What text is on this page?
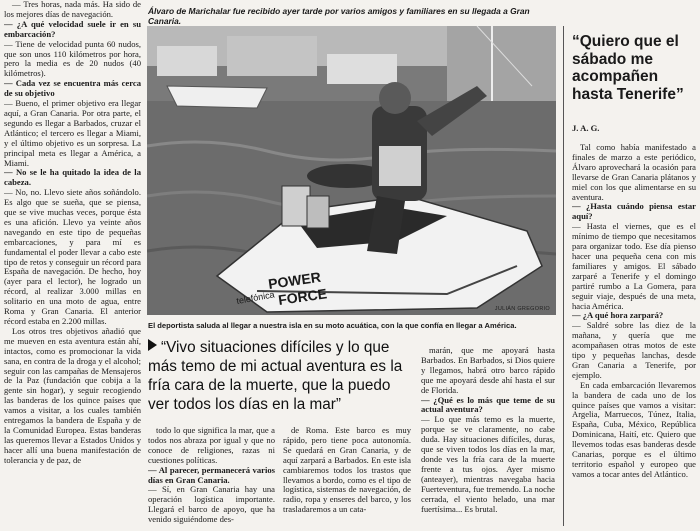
— Tres horas, nada más. Ha sido de los mejores días de navegación.

— ¿A qué velocidad suele ir en su embarcación?

— Tiene de velocidad punta 60 nudos, que son unos 110 kilómetros por hora, pero la media es de 20 nudos (40 kilómetros).

— Cada vez se encuentra más cerca de su objetivo

— Bueno, el primer objetivo era llegar aquí, a Gran Canaria. Por otra parte, el segundo es llegar a Barbados, cruzar el Atlántico; el tercero es llegar a Miami, y el último objetivo es un sorpresa. La principal meta es llegar a América, a Miami.

— No se le ha quitado la idea de la cabeza.

— No, no. Llevo siete años soñándolo. Es algo que se sueña, que se piensa, que se vive muchas veces, porque ésta es una afición. Llevo ya veinte años navegando en este tipo de pequeñas embarcaciones, y para mí es fundamental el poder llevar a cabo este tipo de retos y conseguir un récord para España de navegación. De hecho, hoy (ayer para el lector), he logrado un récord, al realizar 3.000 millas en solitario en una moto de agua, entre Roma y Gran Canaria. El anterior récord estaba en 2.200 millas.

Los otros tres objetivos añadió que me mueven en esta aventura están ahí, intactos, como es promocionar la vida sana, en contra de la droga y el alcohol; seguir con las campañas de Mensajeros de la Paz (fundación que cobija a la gente sin hogar), y seguir recogiendo las banderas de los quince países que vamos a visitar, a los cuales también entregamos la bandera de España y de la Comunidad Europea. Estas banderas las queremos llevar a Estados Unidos y hacer allí una buena manifestación de tolerancia y de paz, de

Álvaro de Marichalar fue recibido ayer tarde por varios amigos y familiares en su llegada a Gran Canaria.
POWER
FORCE
telefónica
JULIÁN GREGORIO
El deportista saluda al llegar a nuestra isla en su moto acuática, con la que confía en llegar a América.
“Vivo situaciones difíciles y lo que más temo de mi actual aventura es la fría cara de la muerte, que la puedo ver todos los días en la mar”

todo lo que significa la mar, que a todos nos abraza por igual y que no conoce de religiones, razas ni cuestiones políticas.

— Al parecer, permanecerá varios días en Gran Canaria.

— Sí, en Gran Canaria hay una operación logística importante. Llegará el barco de apoyo, que ha venido siguiéndome des-

de Roma. Este barco es muy rápido, pero tiene poca autonomía. Se quedará en Gran Canaria, y de aquí zarpará a Barbados. En este isla cambiaremos todos los trastos que llevamos a bordo, como es el tipo de logística, sistemas de navegación, de radio, ropa y enseres del barco, y los trasladaremos a un cata-

marán, que me apoyará hasta Barbados. En Barbados, si Dios quiere y llegamos, habrá otro barco rápido que me apoyará desde ahí hasta el sur de Florida.

— ¿Qué es lo más que teme de su actual aventura?

— Lo que más temo es la muerte, porque se ve claramente, no cabe duda. Hay situaciones difíciles, duras, que se viven todos los días en la mar, donde ves la fría cara de la muerte frente a tus ojos. Ayer mismo (anteayer), mientras navegaba hacia Fuerteventura, fue tremendo. La noche cerrada, el viento helado, una mar fuertísima... Es brutal.

“Quiero que el sábado me acompañen hasta Tenerife”
J. A. G.

Tal como había manifestado a finales de marzo a este periódico, Álvaro aprovechará la ocasión para llevarse de Gran Canaria plátanos y miel con los que alimentarse en su aventura.

— ¿Hasta cuándo piensa estar aquí?

— Hasta el viernes, que es el mínimo de tiempo que necesitamos para organizar todo. Ese día pienso hacer una pequeña cena con mis familiares y amigos. El sábado zarparé a Tenerife y el domingo partiré rumbo a La Gomera, para seguir viaje, después de una meta, hacia América.

— ¿A qué hora zarpará?

— Saldré sobre las diez de la mañana, y quería que me acompañasen otras motos de este tipo y pequeñas lanchas, desde Gran Canaria a Tenerife, por ejemplo.

En cada embarcación llevaremos la bandera de cada uno de los quince países que vamos a visitar: Argelia, Marruecos, Túnez, Italia, España, Cuba, México, República Dominicana, Haití, etc. Quiero que llevemos todas esas banderas desde Canarias, porque es el último territorio español y europeo que vamos a tocar antes del Atlántico.
